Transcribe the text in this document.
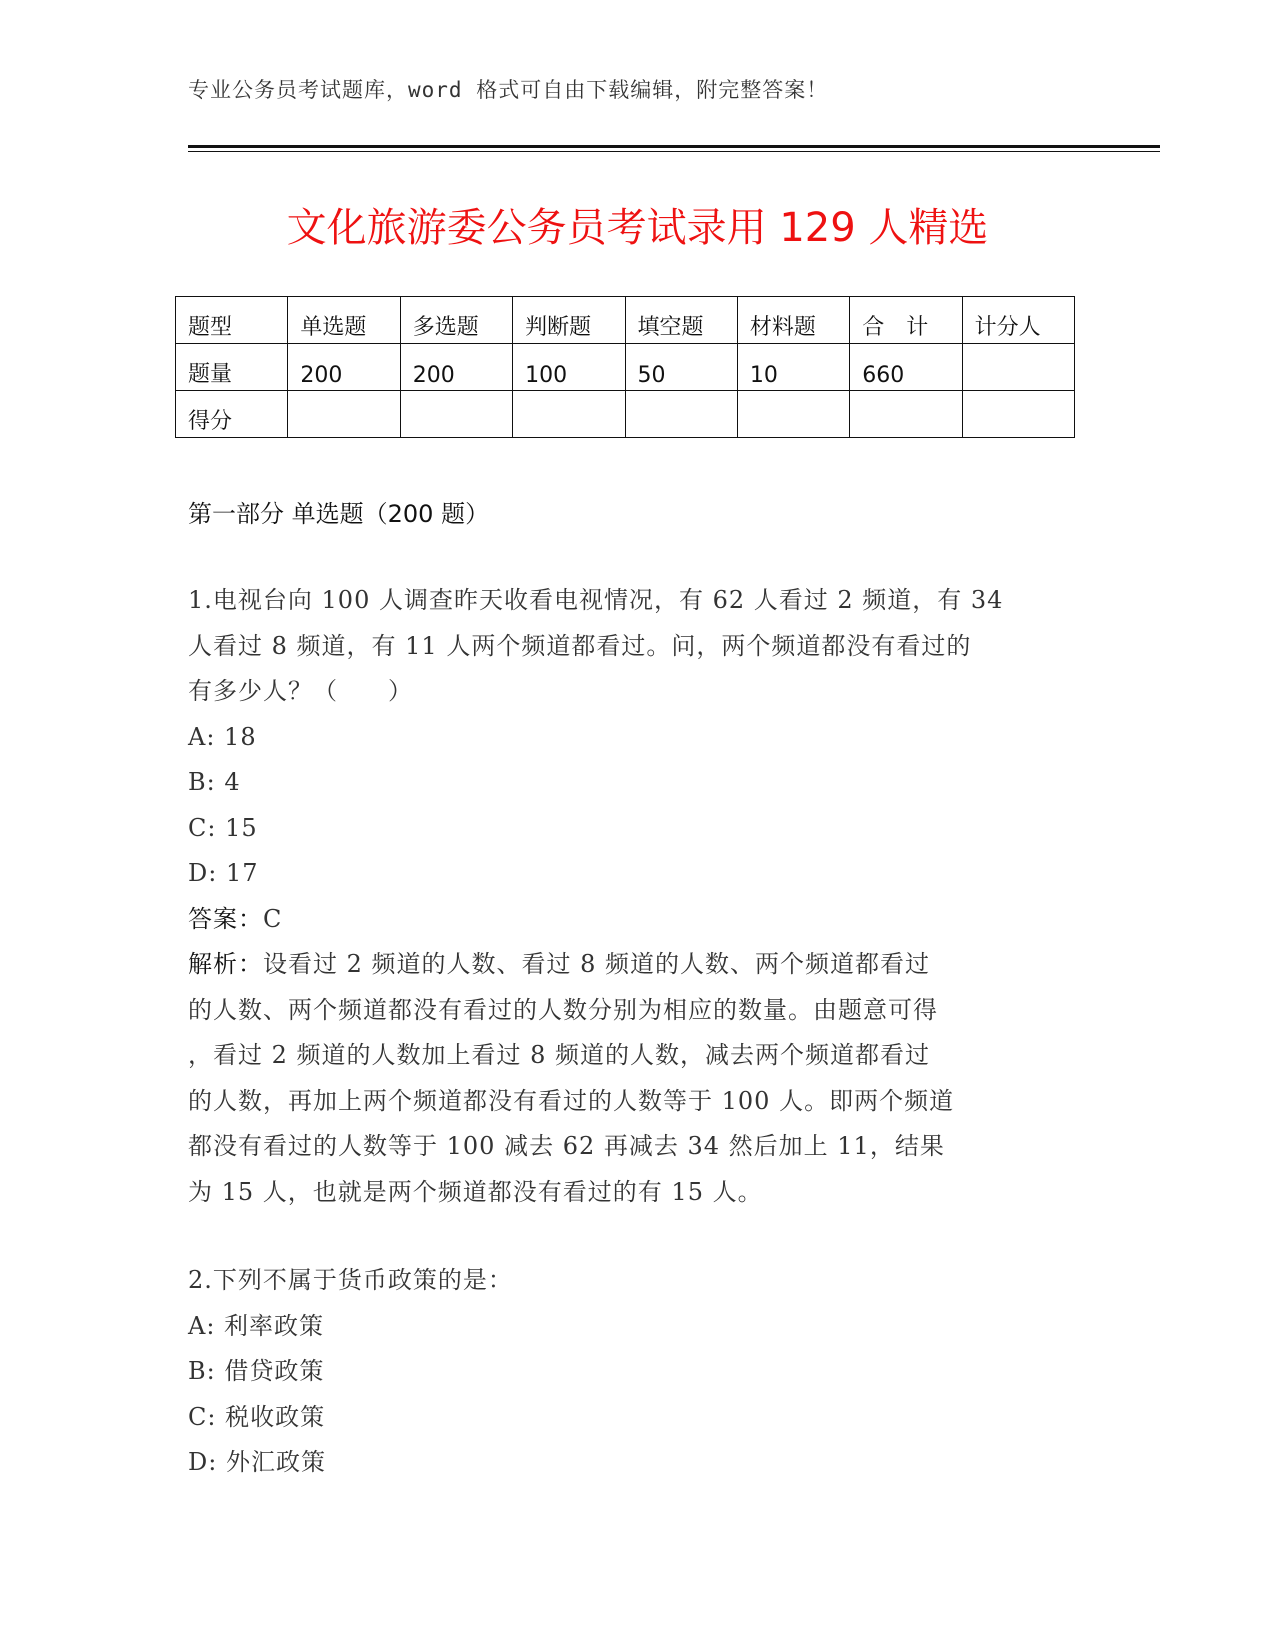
专业公务员考试题库，word 格式可自由下载编辑，附完整答案！
文化旅游委公务员考试录用 129 人精选
题型	单选题	多选题	判断题	填空题	材料题	合　计	计分人
题量	200	200	100	50	10	660	
得分							
第一部分 单选题（200 题）
1.电视台向 100 人调查昨天收看电视情况，有 62 人看过 2 频道，有 34
人看过 8 频道，有 11 人两个频道都看过。问，两个频道都没有看过的
有多少人？（　　）
A: 18
B: 4
C: 15
D: 17
答案：C
解析：设看过 2 频道的人数、看过 8 频道的人数、两个频道都看过
的人数、两个频道都没有看过的人数分别为相应的数量。由题意可得
，看过 2 频道的人数加上看过 8 频道的人数，减去两个频道都看过
的人数，再加上两个频道都没有看过的人数等于 100 人。即两个频道
都没有看过的人数等于 100 减去 62 再减去 34 然后加上 11，结果
为 15 人，也就是两个频道都没有看过的有 15 人。
2.下列不属于货币政策的是：
A: 利率政策
B: 借贷政策
C: 税收政策
D: 外汇政策
